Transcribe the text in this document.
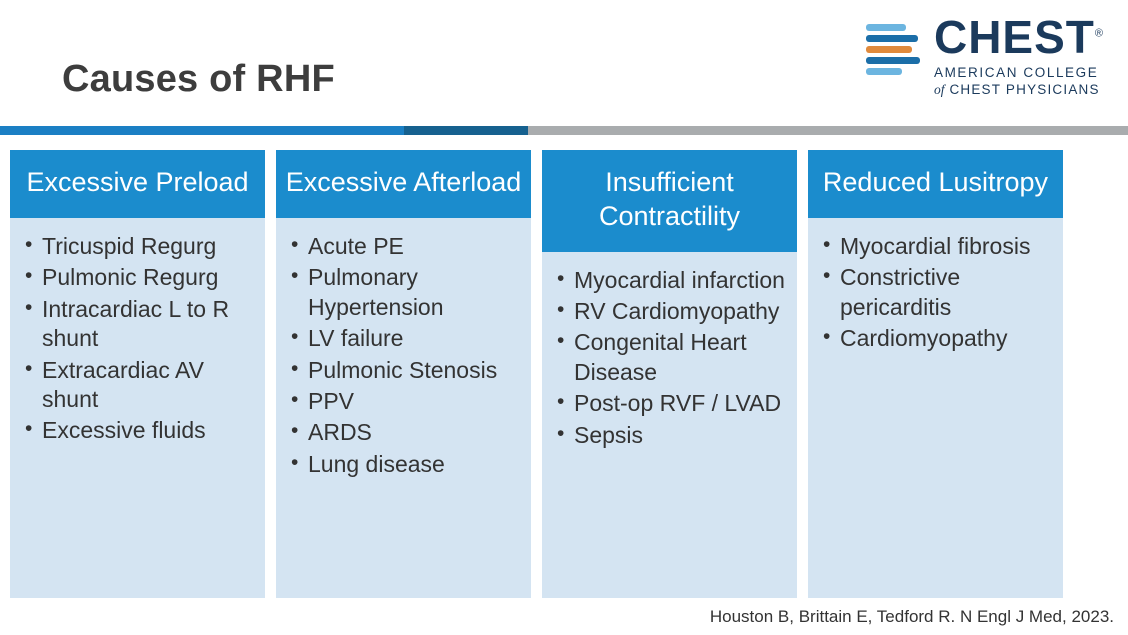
Causes of RHF
CHEST®
AMERICAN COLLEGE
of CHEST PHYSICIANS
Excessive Preload
• Tricuspid Regurg
• Pulmonic Regurg
• Intracardiac L to R shunt
• Extracardiac AV shunt
• Excessive fluids
Excessive Afterload
• Acute PE
• Pulmonary Hypertension
• LV failure
• Pulmonic Stenosis
• PPV
• ARDS
• Lung disease
Insufficient Contractility
• Myocardial infarction
• RV Cardiomyopathy
• Congenital Heart Disease
• Post-op RVF / LVAD
• Sepsis
Reduced Lusitropy
• Myocardial fibrosis
• Constrictive pericarditis
• Cardiomyopathy
Houston B, Brittain E, Tedford R. N Engl J Med, 2023.
